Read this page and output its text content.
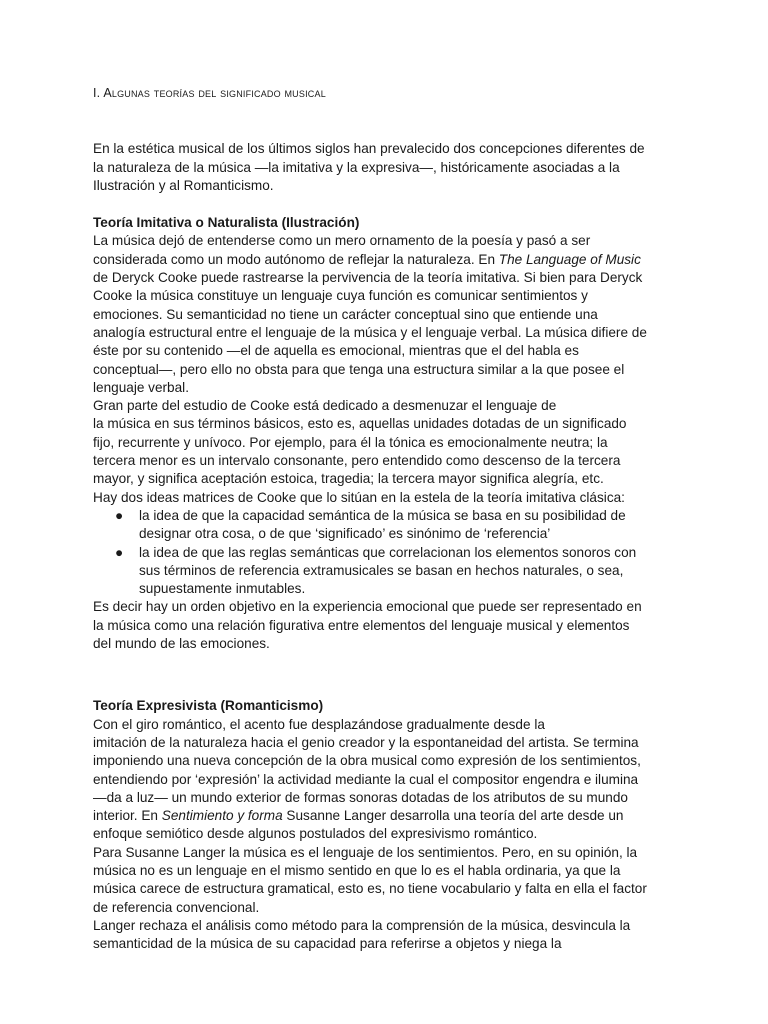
I. Algunas teorías del significado musical

En la estética musical de los últimos siglos han prevalecido dos concepciones diferentes de
la naturaleza de la música —la imitativa y la expresiva—, históricamente asociadas a la
Ilustración y al Romanticismo.

Teoría Imitativa o Naturalista (Ilustración)

La música dejó de entenderse como un mero ornamento de la poesía y pasó a ser
considerada como un modo autónomo de reflejar la naturaleza. En The Language of Music
de Deryck Cooke puede rastrearse la pervivencia de la teoría imitativa. Si bien para Deryck
Cooke la música constituye un lenguaje cuya función es comunicar sentimientos y
emociones. Su semanticidad no tiene un carácter conceptual sino que entiende una
analogía estructural entre el lenguaje de la música y el lenguaje verbal. La música difiere de
éste por su contenido —el de aquella es emocional, mientras que el del habla es
conceptual—, pero ello no obsta para que tenga una estructura similar a la que posee el
lenguaje verbal.

Gran parte del estudio de Cooke está dedicado a desmenuzar el lenguaje de
la música en sus términos básicos, esto es, aquellas unidades dotadas de un significado
fijo, recurrente y unívoco. Por ejemplo, para él la tónica es emocionalmente neutra; la
tercera menor es un intervalo consonante, pero entendido como descenso de la tercera
mayor, y significa aceptación estoica, tragedia; la tercera mayor significa alegría, etc.

Hay dos ideas matrices de Cooke que lo sitúan en la estela de la teoría imitativa clásica:

● la idea de que la capacidad semántica de la música se basa en su posibilidad de
designar otra cosa, o de que ‘significado’ es sinónimo de ‘referencia’
● la idea de que las reglas semánticas que correlacionan los elementos sonoros con
sus términos de referencia extramusicales se basan en hechos naturales, o sea,
supuestamente inmutables.

Es decir hay un orden objetivo en la experiencia emocional que puede ser representado en
la música como una relación figurativa entre elementos del lenguaje musical y elementos
del mundo de las emociones.

Teoría Expresivista (Romanticismo)

Con el giro romántico, el acento fue desplazándose gradualmente desde la
imitación de la naturaleza hacia el genio creador y la espontaneidad del artista. Se termina
imponiendo una nueva concepción de la obra musical como expresión de los sentimientos,
entendiendo por ‘expresión’ la actividad mediante la cual el compositor engendra e ilumina
—da a luz— un mundo exterior de formas sonoras dotadas de los atributos de su mundo
interior. En Sentimiento y forma Susanne Langer desarrolla una teoría del arte desde un
enfoque semiótico desde algunos postulados del expresivismo romántico.

Para Susanne Langer la música es el lenguaje de los sentimientos. Pero, en su opinión, la
música no es un lenguaje en el mismo sentido en que lo es el habla ordinaria, ya que la
música carece de estructura gramatical, esto es, no tiene vocabulario y falta en ella el factor
de referencia convencional.

Langer rechaza el análisis como método para la comprensión de la música, desvincula la
semanticidad de la música de su capacidad para referirse a objetos y niega la
